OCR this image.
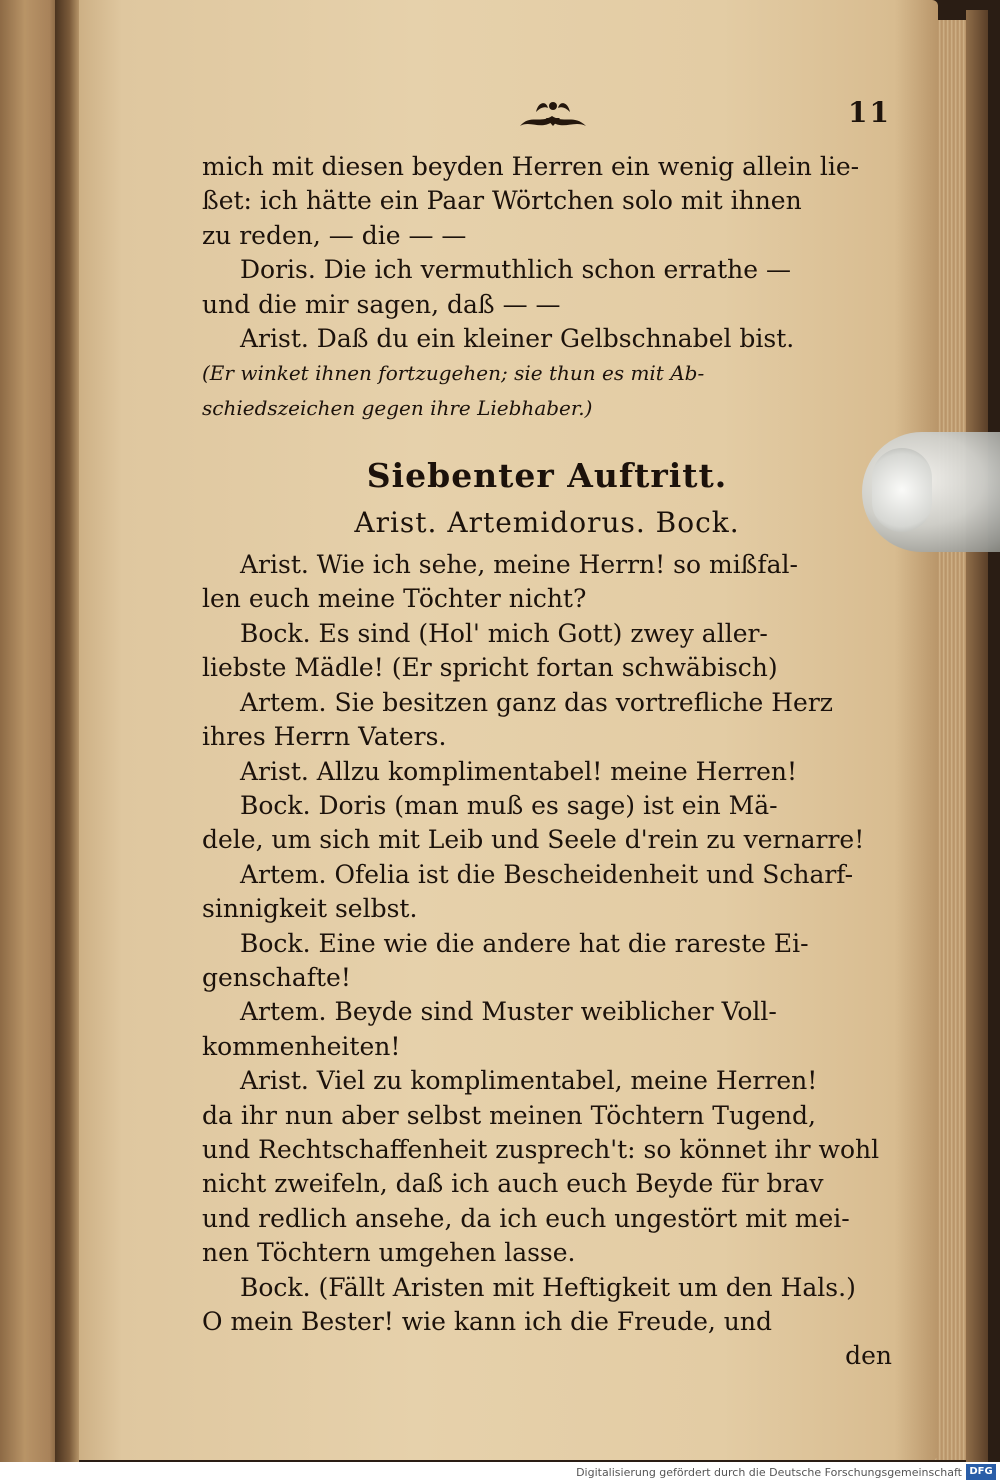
11
mich mit diesen beyden Herren ein wenig allein lie-
ßet: ich hätte ein Paar Wörtchen solo mit ihnen
zu reden, — die — —
Doris. Die ich vermuthlich schon errathe —
und die mir sagen, daß — —
Arist. Daß du ein kleiner Gelbschnabel bist.
(Er winket ihnen fortzugehen; sie thun es mit Ab-
schiedszeichen gegen ihre Liebhaber.)
Siebenter Auftritt.
Arist. Artemidorus. Bock.
Arist. Wie ich sehe, meine Herrn! so mißfal-
len euch meine Töchter nicht?
Bock. Es sind (Hol' mich Gott) zwey aller-
liebste Mädle! (Er spricht fortan schwäbisch)
Artem. Sie besitzen ganz das vortrefliche Herz
ihres Herrn Vaters.
Arist. Allzu komplimentabel! meine Herren!
Bock. Doris (man muß es sage) ist ein Mä-
dele, um sich mit Leib und Seele d'rein zu vernarre!
Artem. Ofelia ist die Bescheidenheit und Scharf-
sinnigkeit selbst.
Bock. Eine wie die andere hat die rareste Ei-
genschafte!
Artem. Beyde sind Muster weiblicher Voll-
kommenheiten!
Arist. Viel zu komplimentabel, meine Herren!
da ihr nun aber selbst meinen Töchtern Tugend,
und Rechtschaffenheit zusprech't: so könnet ihr wohl
nicht zweifeln, daß ich auch euch Beyde für brav
und redlich ansehe, da ich euch ungestört mit mei-
nen Töchtern umgehen lasse.
Bock. (Fällt Aristen mit Heftigkeit um den Hals.)
O mein Bester! wie kann ich die Freude, und
den
Digitalisierung gefördert durch die Deutsche Forschungsgemeinschaft DFG
